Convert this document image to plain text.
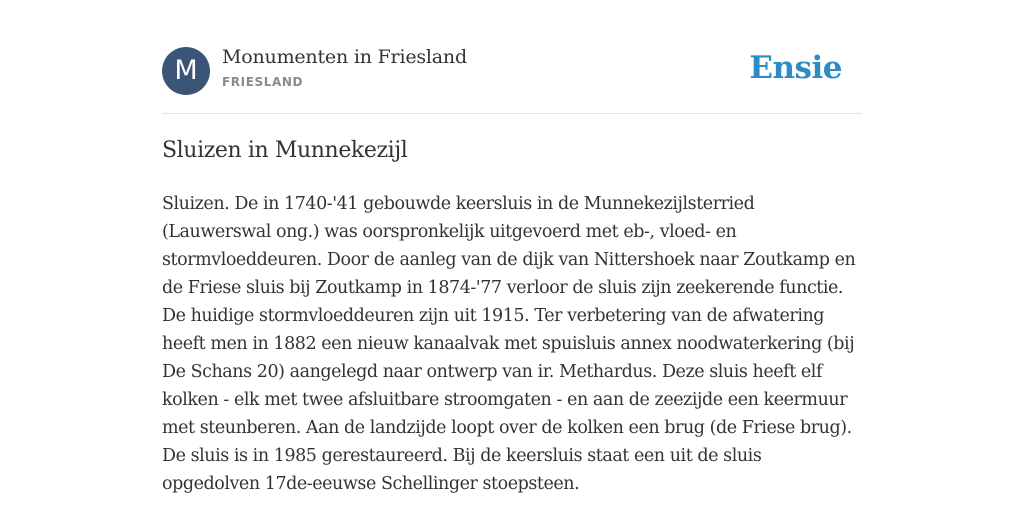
M	Monumenten in Friesland
FRIESLAND	Ensie
Sluizen in Munnekezijl
Sluizen. De in 1740-'41 gebouwde keersluis in de Munnekezijlsterried
(Lauwerswal ong.) was oorspronkelijk uitgevoerd met eb-, vloed- en
stormvloeddeuren. Door de aanleg van de dijk van Nittershoek naar Zoutkamp en
de Friese sluis bij Zoutkamp in 1874-'77 verloor de sluis zijn zeekerende functie.
De huidige stormvloeddeuren zijn uit 1915. Ter verbetering van de afwatering
heeft men in 1882 een nieuw kanaalvak met spuisluis annex noodwaterkering (bij
De Schans 20) aangelegd naar ontwerp van ir. Methardus. Deze sluis heeft elf
kolken - elk met twee afsluitbare stroomgaten - en aan de zeezijde een keermuur
met steunberen. Aan de landzijde loopt over de kolken een brug (de Friese brug).
De sluis is in 1985 gerestaureerd. Bij de keersluis staat een uit de sluis
opgedolven 17de-eeuwse Schellinger stoepsteen.
